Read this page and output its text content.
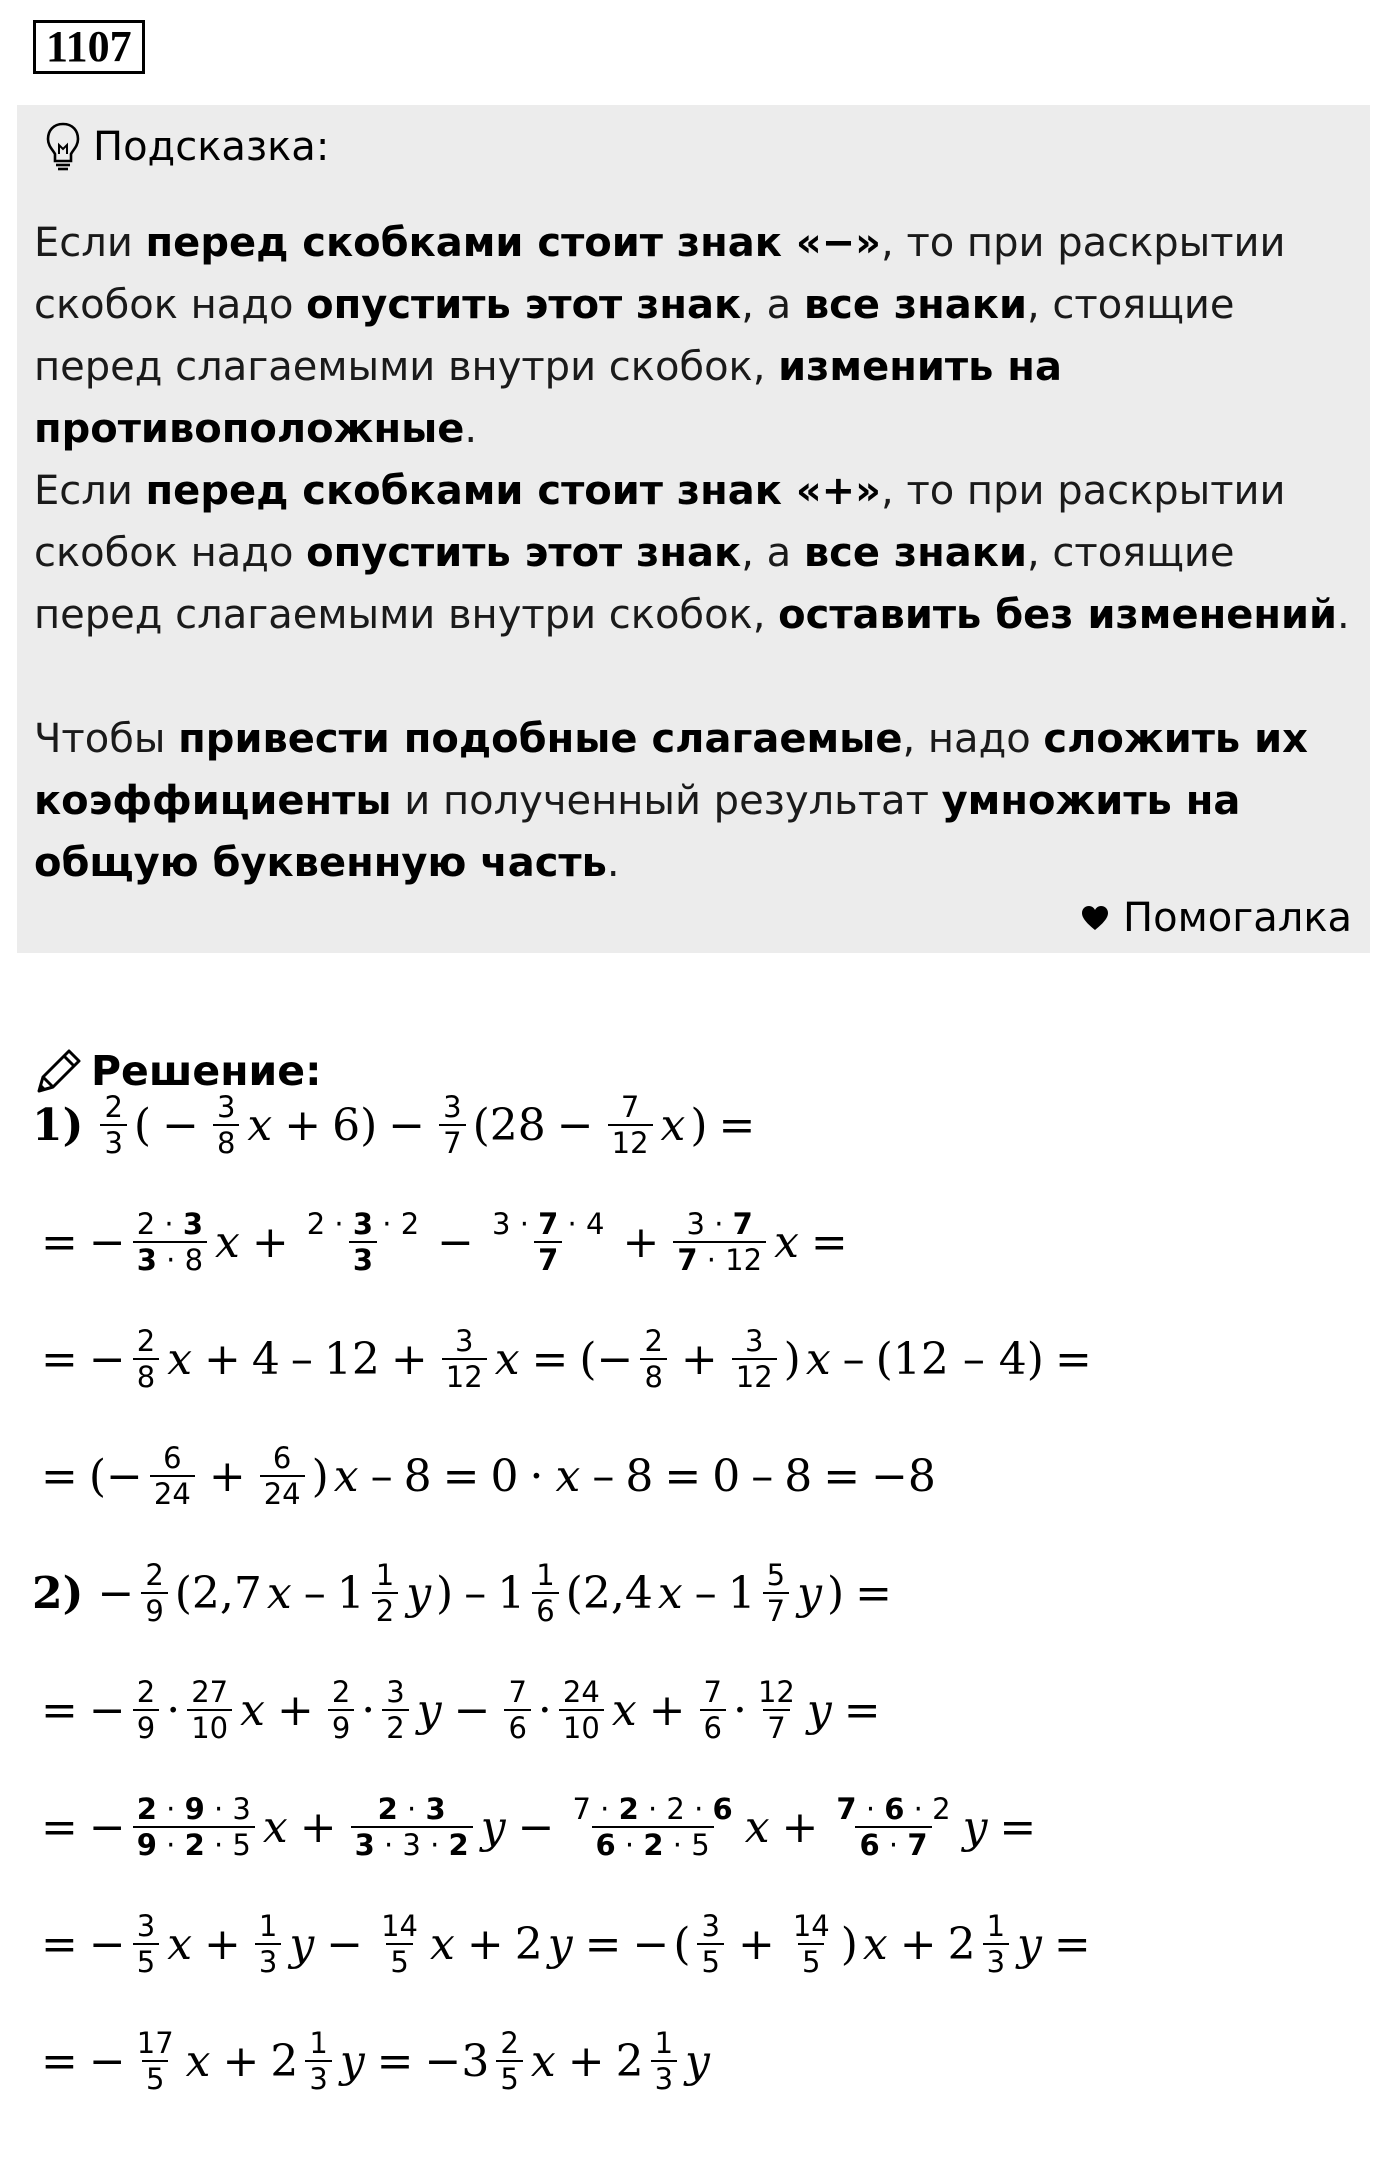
1107
Подсказка:
Если перед скобками стоит знак «−», то при раскрытии скобок надо опустить этот знак, а все знаки, стоящие перед слагаемыми внутри скобок, изменить на противоположные.
Если перед скобками стоит знак «+», то при раскрытии скобок надо опустить этот знак, а все знаки, стоящие перед слагаемыми внутри скобок, оставить без изменений.
Чтобы привести подобные слагаемые, надо сложить их коэффициенты и полученный результат умножить на общую буквенную часть.
Помогалка
Решение:
$1) \frac{2}{3}$ ( − $\frac{3}{8}$ $x + 6) - \frac{3}{7} (28 - \frac{7}{12}$ x ) =
= − $\frac{2 \cdot 3}{3 \cdot 8}$ $x + \frac{2 \cdot 3 \cdot 2}{3} - \frac{3 \cdot 7 \cdot 4}{7} + \frac{3 \cdot 7}{7 \cdot 12}$ x =
= − $\frac{2}{8}$ $x + 4 - 12 + \frac{3}{12}$ x = (− $\frac{2}{8} + \frac{3}{12}$ ) x – (12 – 4) =
= (− $\frac{6}{24} + \frac{6}{24}$ ) x – 8 = 0 · x – 8 = 0 – 8 = −8
$2) - \frac{2}{9} (2,7$ x – $1 \frac{1}{2}$ y ) – $1 \frac{1}{6} (2,4$ x – $1 \frac{5}{7}$ y ) =
= − $\frac{2}{9} \cdot \frac{27}{10}$ $x + \frac{2}{9} \cdot \frac{3}{2}$ $y - \frac{7}{6} \cdot \frac{24}{10}$ $x + \frac{7}{6} \cdot \frac{12}{7}$ y =
= − $\frac{2 \cdot 9 \cdot 3}{9 \cdot 2 \cdot 5}$ $x + \frac{2 \cdot 3}{3 \cdot 3 \cdot 2}$ $y - \frac{7 \cdot 2 \cdot 2 \cdot 6}{6 \cdot 2 \cdot 5}$ $x + \frac{7 \cdot 6 \cdot 2}{6 \cdot 7}$ y =
= − $\frac{3}{5}$ $x + \frac{1}{3}$ $y - \frac{14}{5}$ x + 2 y = − ( $\frac{3}{5} + \frac{14}{5}$ ) $x + 2 \frac{1}{3}$ y =
= − $\frac{17}{5}$ $x + 2 \frac{1}{3}$ $y = -3 \frac{2}{5}$ $x + 2 \frac{1}{3}$ y
